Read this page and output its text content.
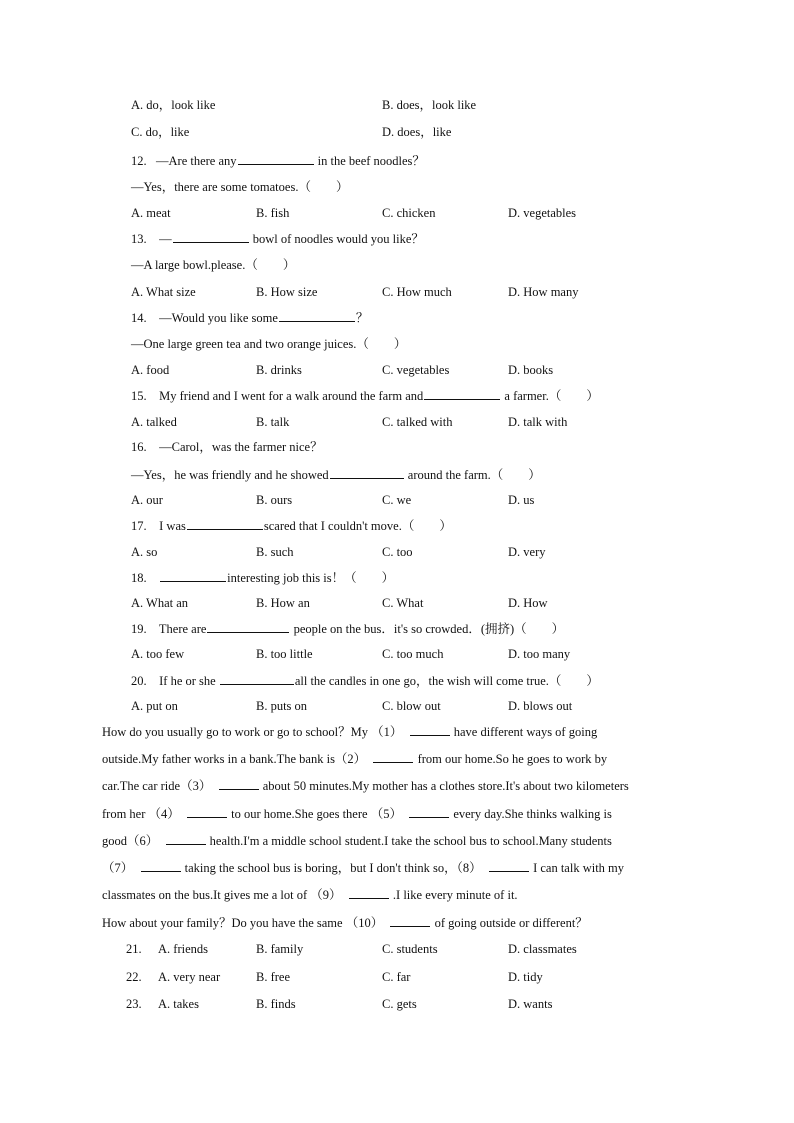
A. do，look like	B. does，look like
C. do，like	D. does，like
12. —Are there any	in the beef noodles？
—Yes，there are some tomatoes.（　　）
A. meat	B. fish	C. chicken	D. vegetables
13. —	bowl of noodles would you like？
—A large bowl.please.（　　）
A. What size	B. How size	C. How much	D. How many
14. —Would you like some	？
—One large green tea and two orange juices.（　　）
A. food	B. drinks	C. vegetables	D. books
15. My friend and I went for a walk around the farm and	a farmer.（　　）
A. talked	B. talk	C. talked with	D. talk with
16. —Carol，was the farmer nice？
—Yes，he was friendly and he showed	around the farm.（　　）
A. our	B. ours	C. we	D. us
17. I was	scared that I couldn't move.（　　）
A. so	B. such	C. too	D. very
18.	interesting job this is！（　　）
A. What an	B. How an	C. What	D. How
19. There are	people on the bus．it's so crowded．(拥挤)（　　）
A. too few	B. too little	C. too much	D. too many
20. If he or she	all the candles in one go，the wish will come true.（　　）
A. put on	B. puts on	C. blow out	D. blows out
How do you usually go to work or go to school？My （1）	have different ways of going
outside.My father works in a bank.The bank is（2）	from our home.So he goes to work by
car.The car ride（3）	about 50 minutes.My mother has a clothes store.It's about two kilometers
from her （4）	to our home.She goes there （5）	every day.She thinks walking is
good（6）	health.I'm a middle school student.I take the school bus to school.Many students
（7）	taking the school bus is boring，but I don't think so，（8）	I can talk with my
classmates on the bus.It gives me a lot of （9）	.I like every minute of it.
How about your family？Do you have the same （10）	of going outside or different？
21. A. friends	B. family	C. students	D. classmates
22. A. very near	B. free	C. far	D. tidy
23. A. takes	B. finds	C. gets	D. wants
